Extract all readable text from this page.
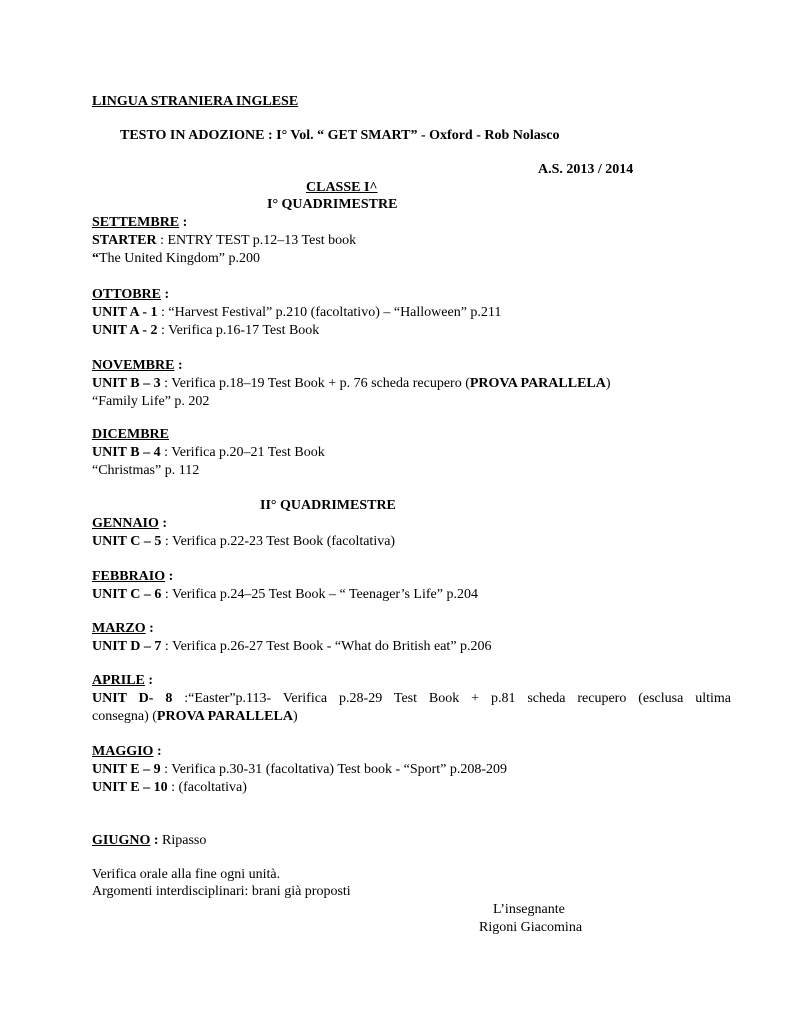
LINGUA STRANIERA INGLESE
TESTO IN ADOZIONE : I° Vol. “ GET SMART” - Oxford - Rob Nolasco
A.S. 2013 / 2014
CLASSE I^
I° QUADRIMESTRE
SETTEMBRE :
STARTER : ENTRY TEST p.12–13 Test book
“The United Kingdom” p.200
OTTOBRE :
UNIT A - 1 : “Harvest Festival” p.210 (facoltativo) – “Halloween” p.211
UNIT A - 2 : Verifica p.16-17 Test Book
NOVEMBRE :
UNIT B – 3 : Verifica p.18–19 Test Book + p. 76 scheda recupero (PROVA PARALLELA)
“Family Life” p. 202
DICEMBRE
UNIT B – 4 : Verifica p.20–21 Test Book
“Christmas” p. 112
II° QUADRIMESTRE
GENNAIO :
UNIT C – 5 : Verifica p.22-23 Test Book (facoltativa)
FEBBRAIO :
UNIT C – 6 : Verifica p.24–25 Test Book – “ Teenager’s Life” p.204
MARZO :
UNIT D – 7 : Verifica p.26-27 Test Book - “What do British eat” p.206
APRILE :
UNIT D- 8 :“Easter”p.113- Verifica p.28-29 Test Book + p.81 scheda recupero (esclusa ultima
consegna) (PROVA PARALLELA)
MAGGIO :
UNIT E – 9 : Verifica p.30-31 (facoltativa) Test book - “Sport” p.208-209
UNIT E – 10 : (facoltativa)
GIUGNO : Ripasso
Verifica orale alla fine ogni unità.
Argomenti interdisciplinari: brani già proposti
L’insegnante
Rigoni Giacomina
